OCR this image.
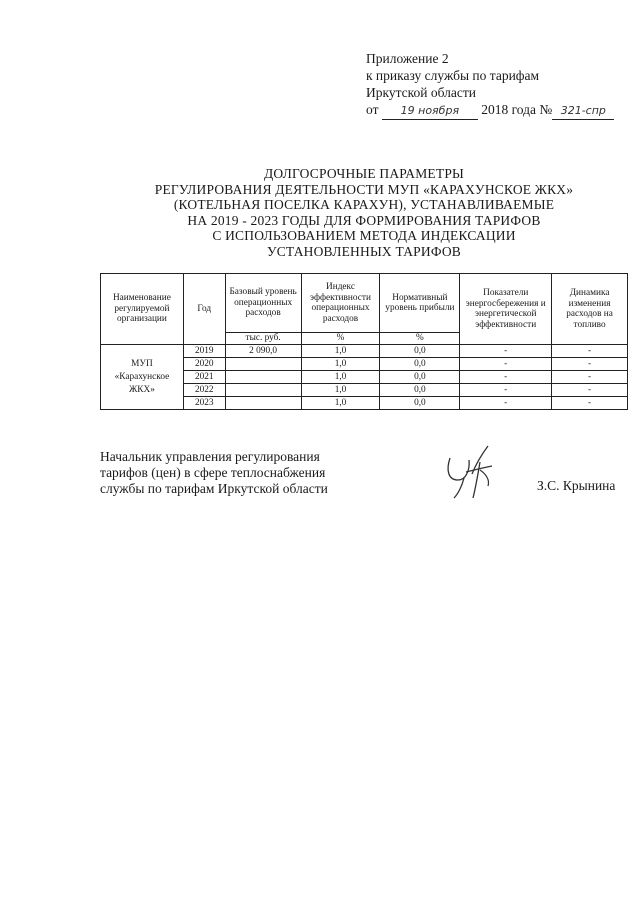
Приложение 2
к приказу службы по тарифам
Иркутской области
от 19 ноября 2018 года № 321-спр
ДОЛГОСРОЧНЫЕ ПАРАМЕТРЫ
РЕГУЛИРОВАНИЯ ДЕЯТЕЛЬНОСТИ МУП «КАРАХУНСКОЕ ЖКХ»
(КОТЕЛЬНАЯ ПОСЕЛКА КАРАХУН), УСТАНАВЛИВАЕМЫЕ
НА 2019 - 2023 ГОДЫ ДЛЯ ФОРМИРОВАНИЯ ТАРИФОВ
С ИСПОЛЬЗОВАНИЕМ МЕТОДА ИНДЕКСАЦИИ
УСТАНОВЛЕННЫХ ТАРИФОВ
Наименование регулируемой организации	Год	Базовый уровень операционных расходов	Индекс эффективности операционных расходов	Нормативный уровень прибыли	Показатели энергосбережения и энергетической эффективности	Динамика изменения расходов на топливо
		тыс. руб.	%	%		

МУП
«Карахунское
ЖКХ»	2019	2 090,0	1,0	0,0	-	-
	2020		1,0	0,0	-	-
	2021		1,0	0,0	-	-
	2022		1,0	0,0	-	-
	2023		1,0	0,0	-	-
Начальник управления регулирования
тарифов (цен) в сфере теплоснабжения
службы по тарифам Иркутской области	З.С. Крынина
